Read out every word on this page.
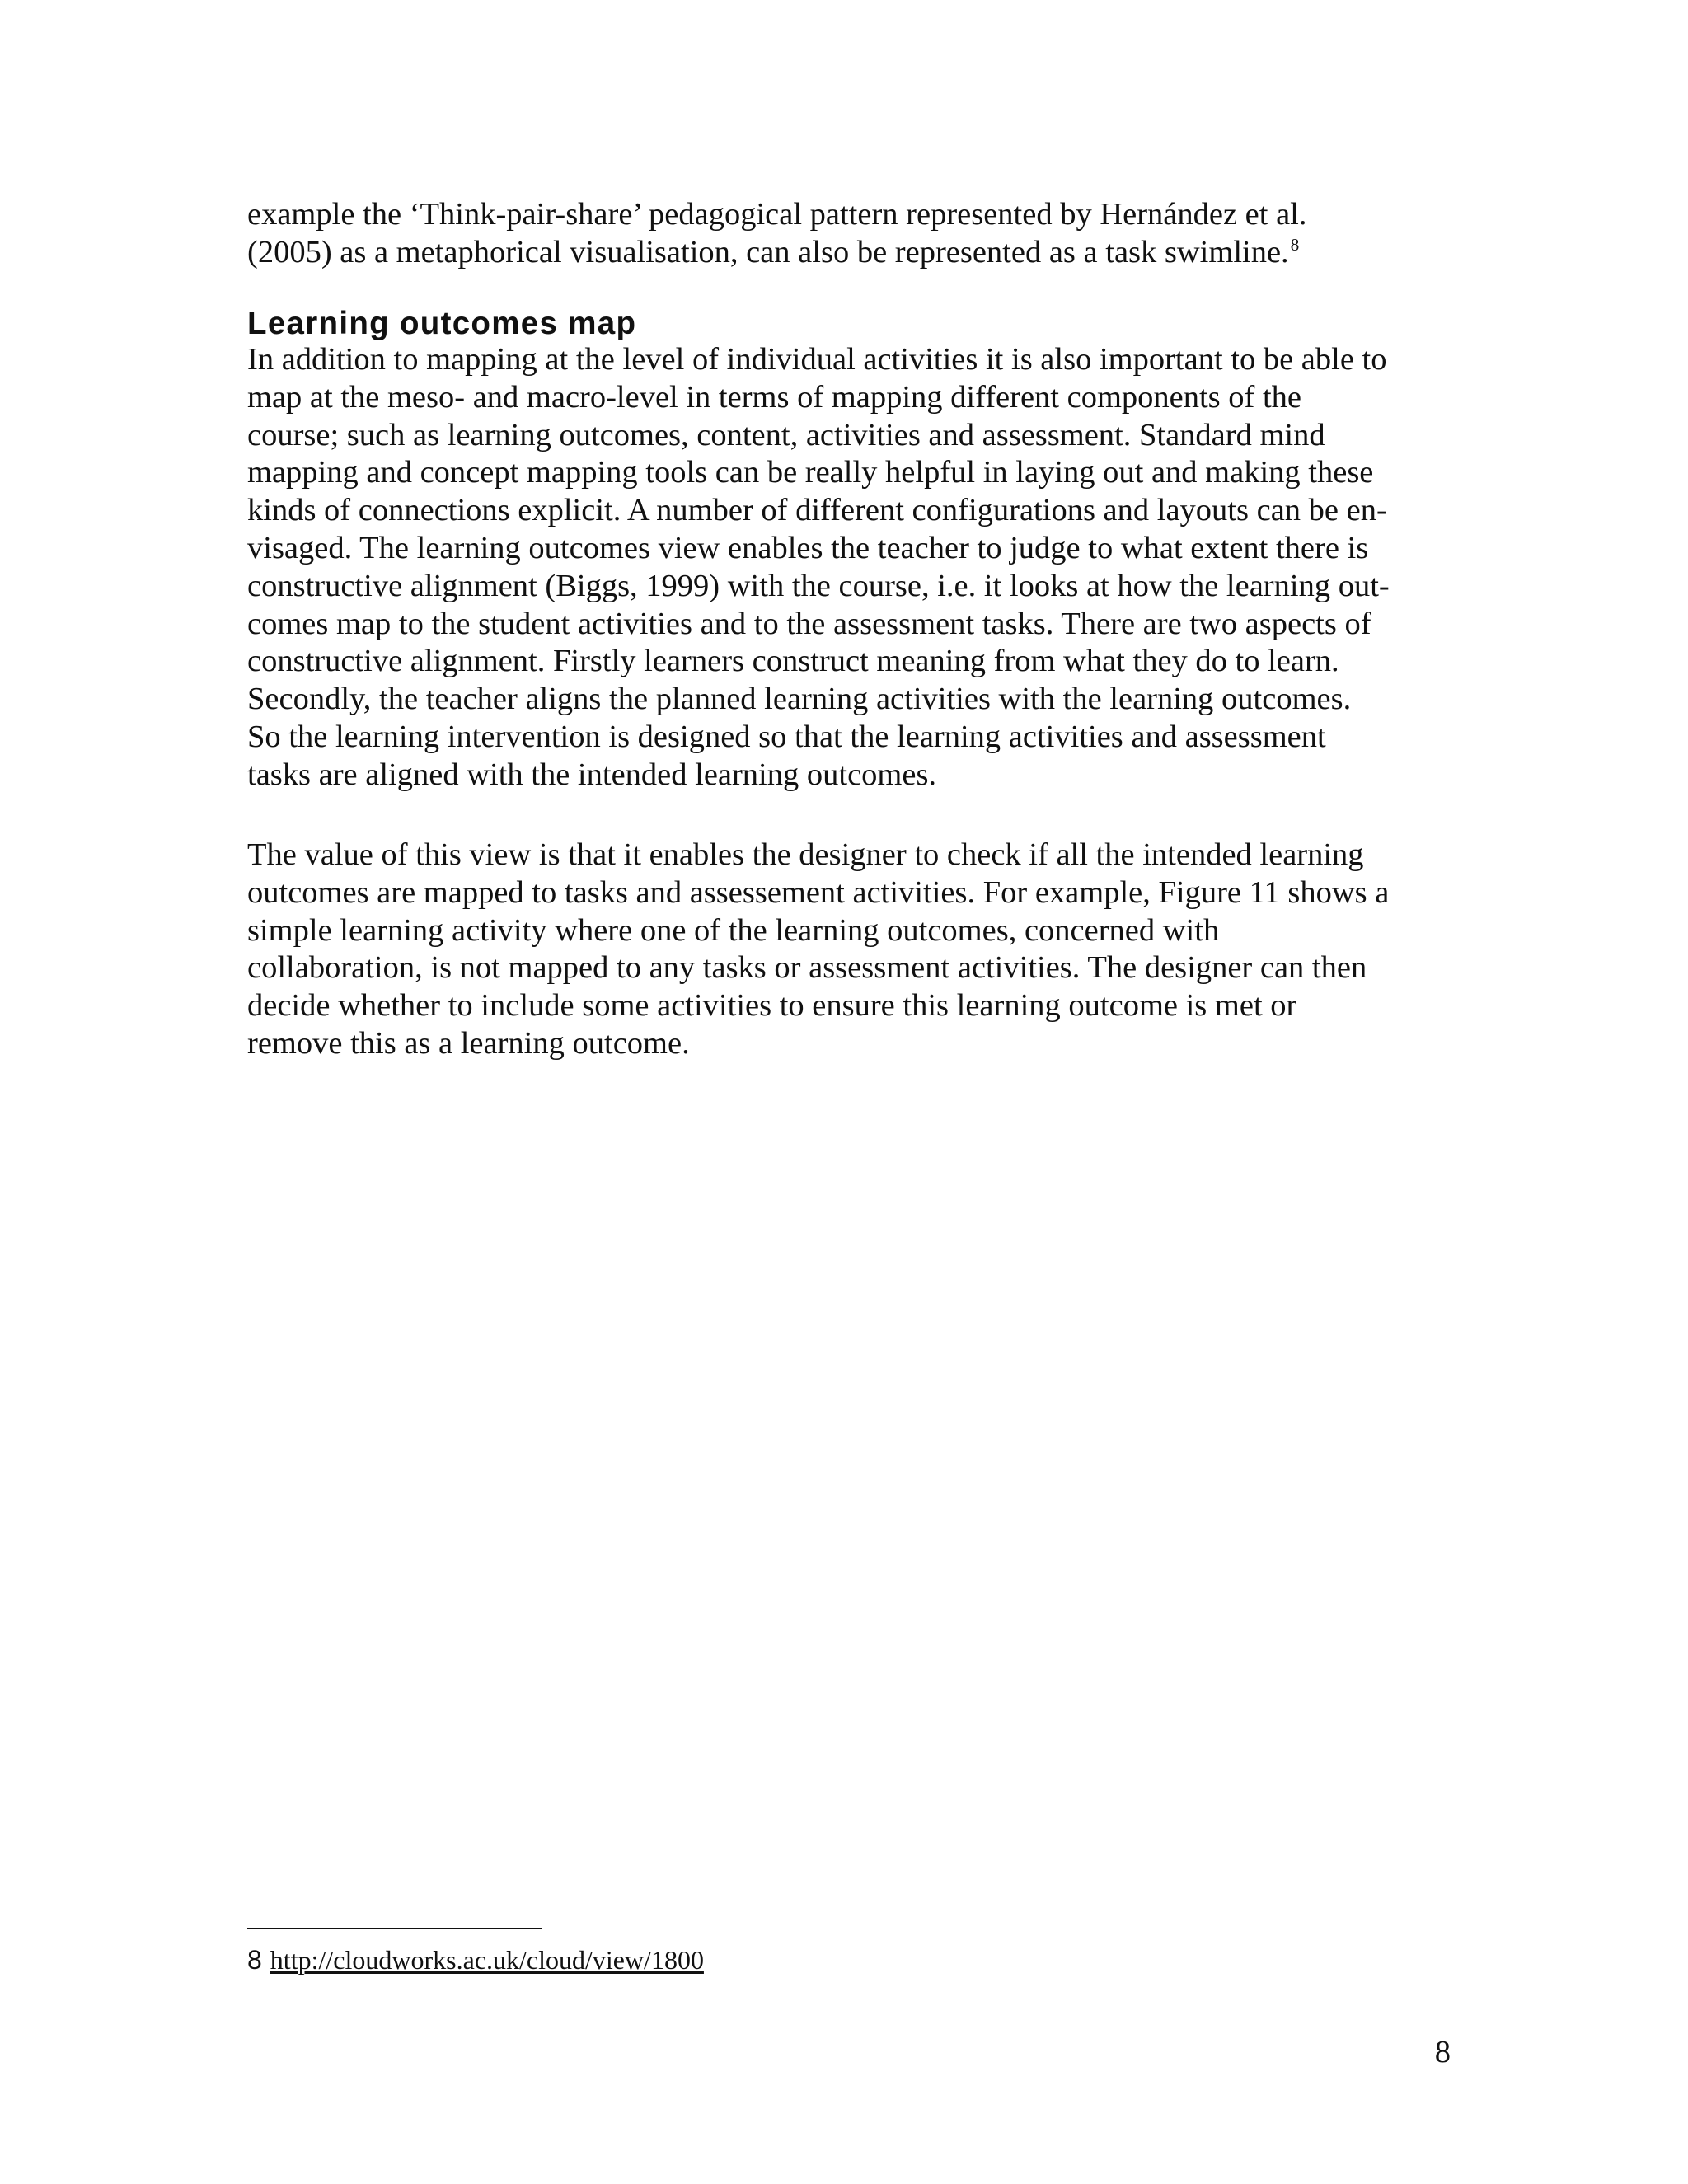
example the ‘Think-pair-share’ pedagogical pattern represented by Hernández et al.
(2005) as a metaphorical visualisation, can also be represented as a task swimline.$^8$
Learning outcomes map
In addition to mapping at the level of individual activities it is also important to be able to
map at the meso- and macro-level in terms of mapping different components of the
course; such as learning outcomes, content, activities and assessment. Standard mind
mapping and concept mapping tools can be really helpful in laying out and making these
kinds of connections explicit. A number of different configurations and layouts can be en-
visaged. The learning outcomes view enables the teacher to judge to what extent there is
constructive alignment (Biggs, 1999) with the course, i.e. it looks at how the learning out-
comes map to the student activities and to the assessment tasks. There are two aspects of
constructive alignment. Firstly learners construct meaning from what they do to learn.
Secondly, the teacher aligns the planned learning activities with the learning outcomes.
So the learning intervention is designed so that the learning activities and assessment
tasks are aligned with the intended learning outcomes.
The value of this view is that it enables the designer to check if all the intended learning
outcomes are mapped to tasks and assessement activities. For example, Figure 11 shows a
simple learning activity where one of the learning outcomes, concerned with
collaboration, is not mapped to any tasks or assessment activities. The designer can then
decide whether to include some activities to ensure this learning outcome is met or
remove this as a learning outcome.
8 http://cloudworks.ac.uk/cloud/view/1800
8
